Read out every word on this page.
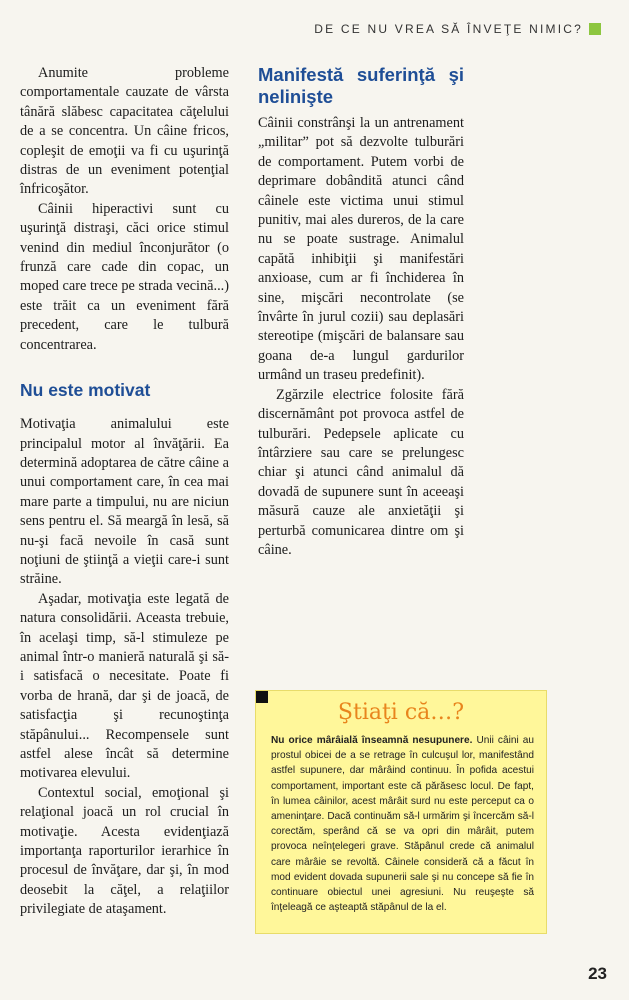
DE CE NU VREA SĂ ÎNVEŢE NIMIC?

Anumite probleme comportamentale cauzate de vârsta tânără slăbesc capacitatea căţelului de a se concentra. Un câine fricos, copleşit de emoţii va fi cu uşurinţă distras de un eveniment potenţial înfricoşător.

Câinii hiperactivi sunt cu uşurinţă distraşi, căci orice stimul venind din mediul înconjurător (o frunză care cade din copac, un moped care trece pe strada vecină...) este trăit ca un eveniment fără precedent, care le tulbură concentrarea.

Nu este motivat

Motivaţia animalului este principalul motor al învăţării. Ea determină adoptarea de către câine a unui comportament care, în cea mai mare parte a timpului, nu are niciun sens pentru el. Să meargă în lesă, să nu-şi facă nevoile în casă sunt noţiuni de ştiinţă a vieţii care-i sunt străine.

Aşadar, motivaţia este legată de natura consolidării. Aceasta trebuie, în acelaşi timp, să-l stimuleze pe animal într-o manieră naturală şi să-i satisfacă o necesitate. Poate fi vorba de hrană, dar şi de joacă, de satisfacţia şi recunoştinţa stăpânului... Recompensele sunt astfel alese încât să determine motivarea elevului.

Contextul social, emoţional şi relaţional joacă un rol crucial în motivaţie. Acesta evidenţiază importanţa raporturilor ierarhice în procesul de învăţare, dar şi, în mod deosebit la căţel, a relaţiilor privilegiate de ataşament.

Manifestă suferinţă şi nelinişte

Câinii constrânşi la un antrenament „militar” pot să dezvolte tulburări de comportament. Putem vorbi de deprimare dobândită atunci când câinele este victima unui stimul punitiv, mai ales dureros, de la care nu se poate sustrage. Animalul capătă inhibiţii şi manifestări anxioase, cum ar fi închiderea în sine, mişcări necontrolate (se învârte în jurul cozii) sau deplasări stereotipe (mişcări de balansare sau goana de-a lungul gardurilor urmând un traseu predefinit).

Zgărzile electrice folosite fără discernământ pot provoca astfel de tulburări. Pedepsele aplicate cu întârziere sau care se prelungesc chiar şi atunci când animalul dă dovadă de supunere sunt în aceeaşi măsură cauze ale anxietăţii şi perturbă comunicarea dintre om şi câine.

Ştiaţi că…?
Nu orice mârâială înseamnă nesupunere. Unii câini au prostul obicei de a se retrage în culcuşul lor, manifestând astfel supunere, dar mârâind continuu. În pofida acestui comportament, important este că părăsesc locul. De fapt, în lumea câinilor, acest mârâit surd nu este perceput ca o ameninţare. Dacă continuăm să-l urmărim şi încercăm să-l corectăm, sperând că se va opri din mârâit, putem provoca neînţelegeri grave. Stăpânul crede că animalul care mârâie se revoltă. Câinele consideră că a făcut în mod evident dovada supunerii sale şi nu concepe să fie în continuare obiectul unei agresiuni. Nu reuşeşte să înţeleagă ce aşteaptă stăpânul de la el.
23
